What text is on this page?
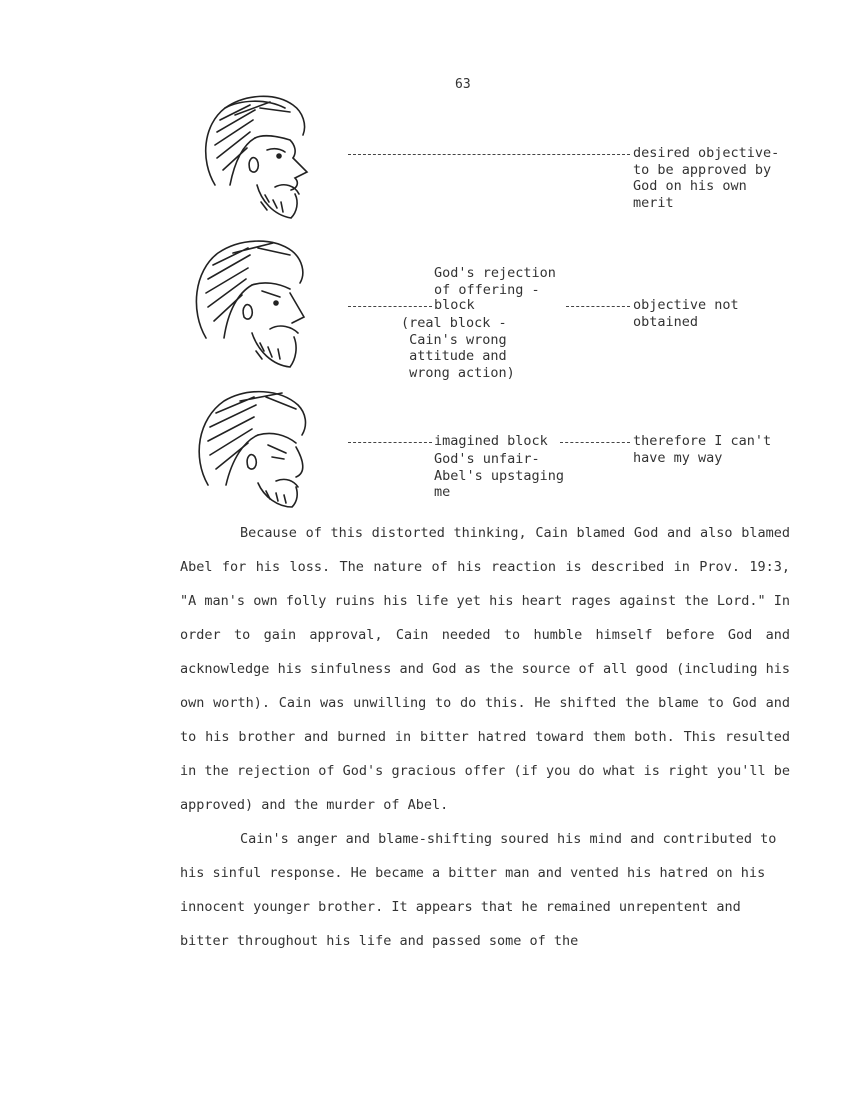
63
desired objective-
to be approved by
God on his own
merit
God's rejection
of offering -
block	objective not
obtained
(real block -
Cain's wrong
attitude and
wrong action)
imagined block	therefore I can't
have my way
God's unfair-
Abel's upstaging
me

Because of this distorted thinking, Cain blamed God and also blamed Abel for his loss. The nature of his reaction is described in Prov. 19:3, "A man's own folly ruins his life yet his heart rages against the Lord." In order to gain approval, Cain needed to humble himself before God and acknowledge his sinfulness and God as the source of all good (including his own worth). Cain was unwilling to do this. He shifted the blame to God and to his brother and burned in bitter hatred toward them both. This resulted in the rejection of God's gracious offer (if you do what is right you'll be approved) and the murder of Abel.

Cain's anger and blame-shifting soured his mind and contributed to his sinful response. He became a bitter man and vented his hatred on his innocent younger brother. It appears that he remained unrepentent and bitter throughout his life and passed some of the
